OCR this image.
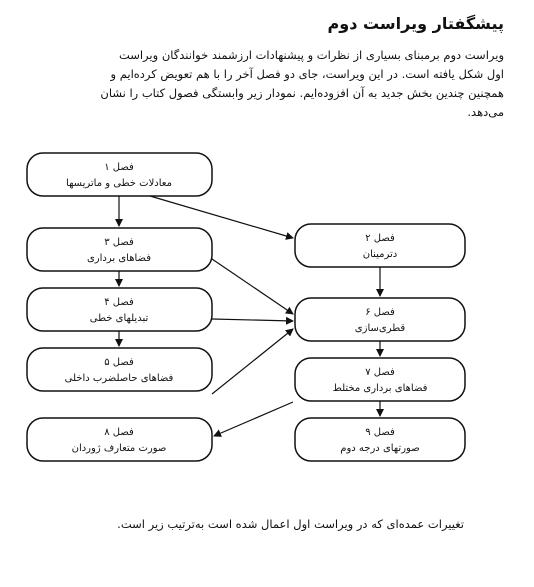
پیشگفتار ویراست دوم

ویراست دوم برمبنای بسیاری از نظرات و پیشنهادات ارزشمند خوانندگان ویراست

اول شکل یافته است. در این ویراست، جای دو فصل آخر را با هم تعویض کرده‌ایم و

همچنین چندین بخش جدید به آن افزوده‌ایم. نمودار زیر وابستگی فصول کتاب را نشان

می‌دهد.

فصل ۱
معادلات خطی و ماتریسها
فصل ۳
فضاهای برداری
فصل ۴
تبدیلهای خطی
فصل ۵
فضاهای حاصلضرب داخلی
فصل ۸
صورت متعارف ژوردان
فصل ۲
دترمینان
فصل ۶
قطری‌سازی
فصل ۷
فضاهای برداری مختلط
فصل ۹
صورتهای درجه دوم
تغییرات عمده‌ای که در ویراست اول اعمال شده است به‌ترتیب زیر است.
